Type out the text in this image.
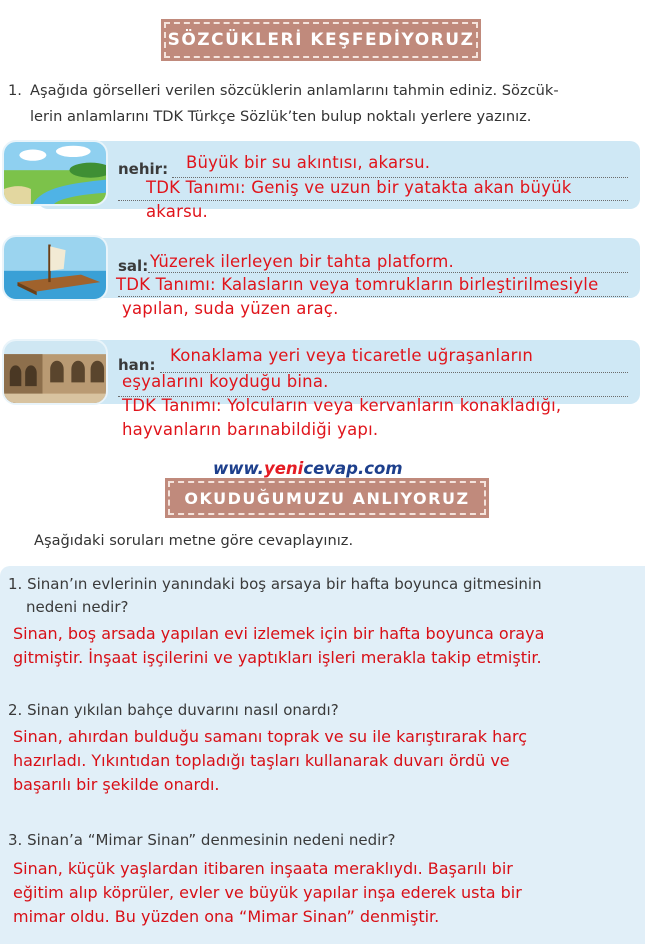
SÖZCÜKLERİ KEŞFEDİYORUZ
1. Aşağıda görselleri verilen sözcüklerin anlamlarını tahmin ediniz. Sözcük-
lerin anlamlarını TDK Türkçe Sözlük’ten bulup noktalı yerlere yazınız.
nehir: Büyük bir su akıntısı, akarsu.
TDK Tanımı: Geniş ve uzun bir yatakta akan büyük
akarsu.
sal: Yüzerek ilerleyen bir tahta platform.
TDK Tanımı: Kalasların veya tomrukların birleştirilmesiyle
yapılan, suda yüzen araç.
han: Konaklama yeri veya ticaretle uğraşanların
eşyalarını koyduğu bina.
TDK Tanımı: Yolcuların veya kervanların konakladığı,
hayvanların barınabildiği yapı.
www.yenicevap.com
OKUDUĞUMUZU ANLIYORUZ
Aşağıdaki soruları metne göre cevaplayınız.
1. Sinan’ın evlerinin yanındaki boş arsaya bir hafta boyunca gitmesinin
nedeni nedir?
Sinan, boş arsada yapılan evi izlemek için bir hafta boyunca oraya
gitmiştir. İnşaat işçilerini ve yaptıkları işleri merakla takip etmiştir.
2. Sinan yıkılan bahçe duvarını nasıl onardı?
Sinan, ahırdan bulduğu samanı toprak ve su ile karıştırarak harç
hazırladı. Yıkıntıdan topladığı taşları kullanarak duvarı ördü ve
başarılı bir şekilde onardı.
3. Sinan’a “Mimar Sinan” denmesinin nedeni nedir?
Sinan, küçük yaşlardan itibaren inşaata meraklıydı. Başarılı bir
eğitim alıp köprüler, evler ve büyük yapılar inşa ederek usta bir
mimar oldu. Bu yüzden ona “Mimar Sinan” denmiştir.
